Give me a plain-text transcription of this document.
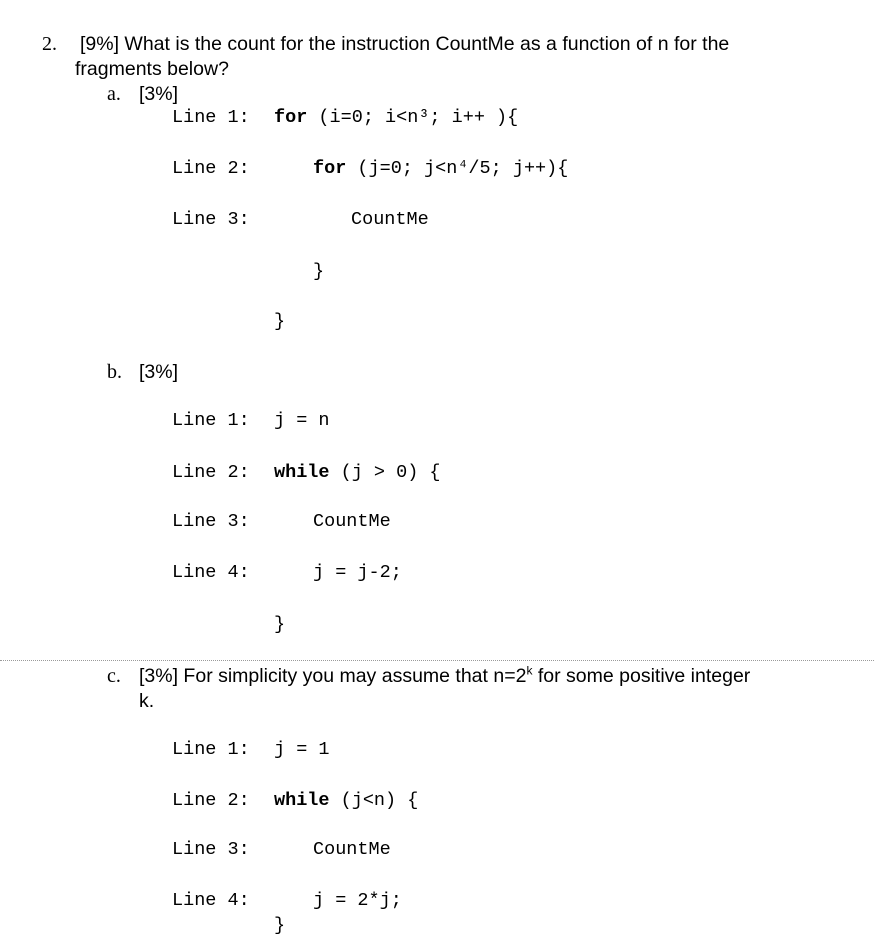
2. [9%] What is the count for the instruction CountMe as a function of n for the
fragments below?
a. [3%]
Line 1: for (i=0; i<n³; i++ ){
Line 2:	for (j=0; j<n⁴/5; j++){
Line 3:	CountMe
}
}
b. [3%]
Line 1: j = n
Line 2: while (j > 0) {
Line 3:	CountMe
Line 4:	j = j-2;
}
c. [3%] For simplicity you may assume that $n=2^k$ for some positive integer
k.
Line 1: j = 1
Line 2: while (j<n) {
Line 3:	CountMe
Line 4:	j = 2*j;
}
